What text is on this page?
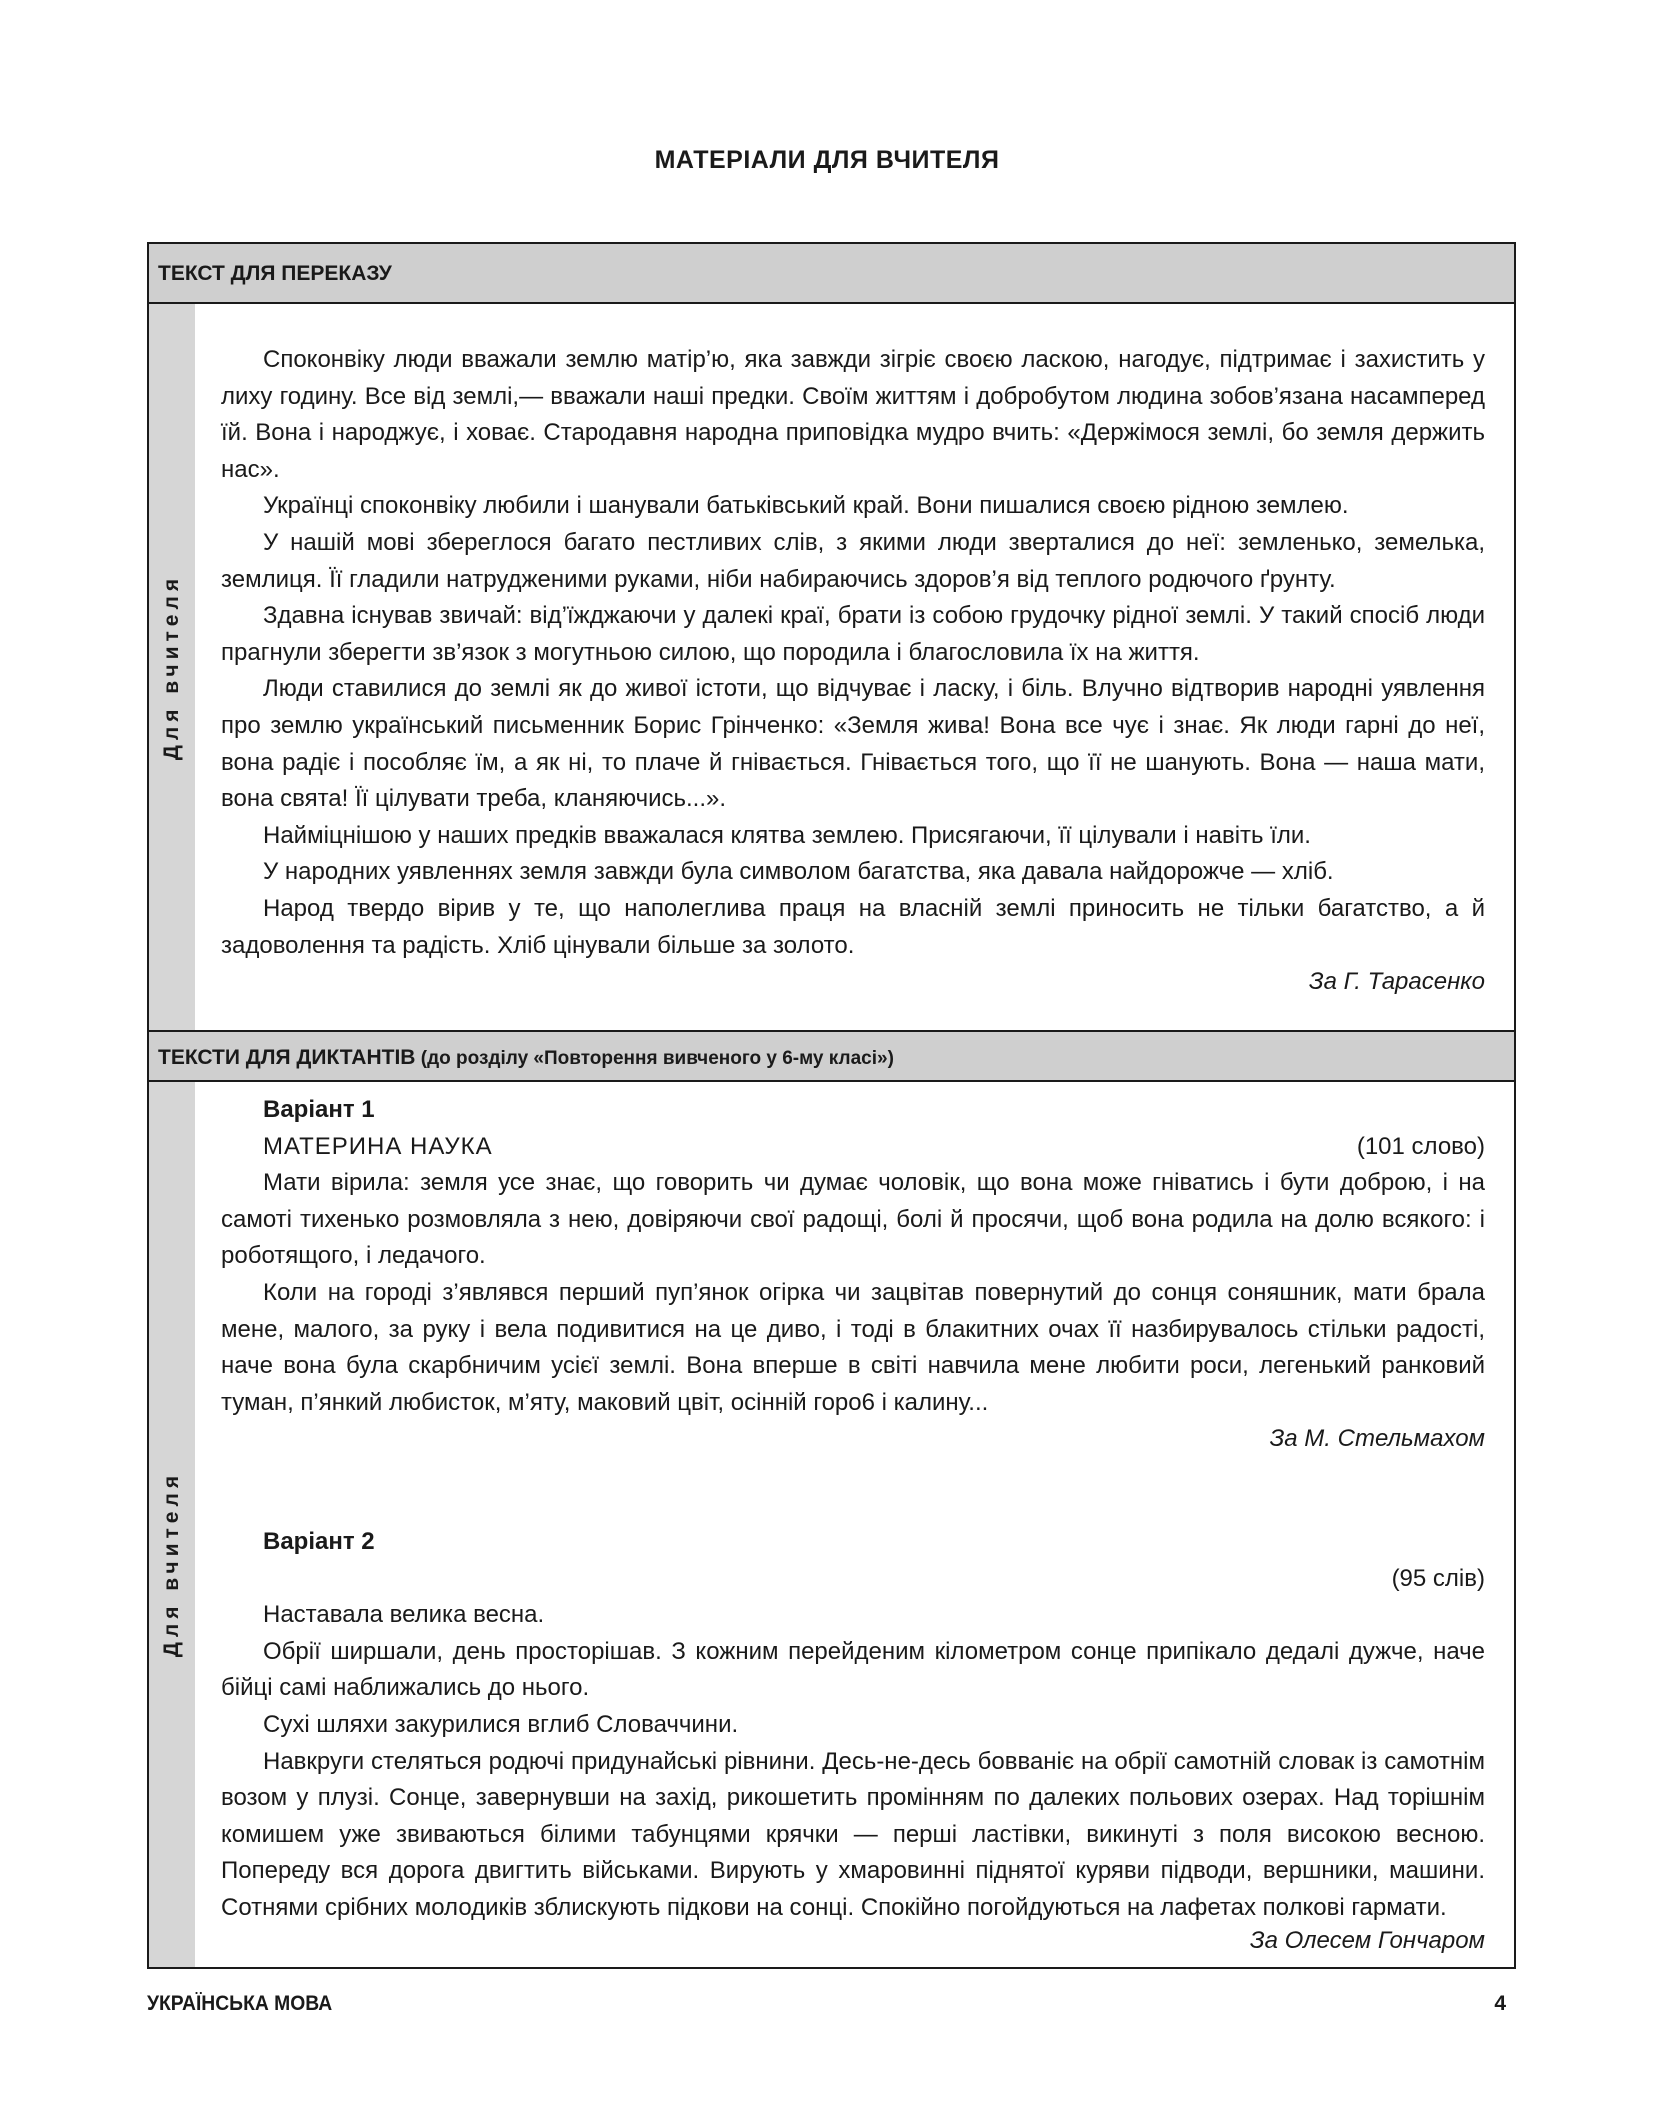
МАТЕРІАЛИ ДЛЯ ВЧИТЕЛЯ
ТЕКСТ ДЛЯ ПЕРЕКАЗУ
Для вчителя

Споконвіку люди вважали землю матір’ю, яка завжди зігріє своєю ласкою, нагодує, підтримає і захистить у лиху годину. Все від землі,— вважали наші предки. Своїм життям і добробутом людина зобов’язана насамперед їй. Вона і народжує, і ховає. Стародавня народна приповідка мудро вчить: «Держімося землі, бо земля держить нас».

Українці споконвіку любили і шанували батьківський край. Вони пишалися своєю рідною землею.

У нашій мові збереглося багато пестливих слів, з якими люди зверталися до неї: земленько, земелька, землиця. Її гладили натрудженими руками, ніби набираючись здоров’я від теплого родючого ґрунту.

Здавна існував звичай: від’їжджаючи у далекі краї, брати із собою грудочку рідної землі. У такий спосіб люди прагнули зберегти зв’язок з могутньою силою, що породила і благословила їх на життя.

Люди ставилися до землі як до живої істоти, що відчуває і ласку, і біль. Влучно відтворив народні уявлення про землю український письменник Борис Грінченко: «Земля жива! Вона все чує і знає. Як люди гарні до неї, вона радіє і пособляє їм, а як ні, то плаче й гнівається. Гнівається того, що її не шанують. Вона — наша мати, вона свята! Її цілувати треба, кланяючись...».

Наймiцнішою у наших предків вважалася клятва землею. Присягаючи, її цілували і навіть їли.

У народних уявленнях земля завжди була символом багатства, яка давала найдорожче — хліб.

Народ твердо вірив у те, що наполеглива праця на власній землі приносить не тільки багатство, а й задоволення та радість. Хліб цінували більше за золото.

За Г. Тарасенко
ТЕКСТИ ДЛЯ ДИКТАНТІВ (до розділу «Повторення вивченого у 6-му класі»)
Для вчителя
Варіант 1
МАТЕРИНА НАУКА	(101 слово)

Мати вірила: земля усе знає, що говорить чи думає чоловік, що вона може гніватись і бути доброю, і на самоті тихенько розмовляла з нею, довіряючи свої радощі, болі й просячи, щоб вона родила на долю всякого: і роботящого, і ледачого.

Коли на городі з’являвся перший пуп’янок огірка чи зацвітав повернутий до сонця соняшник, мати брала мене, малого, за руку і вела подивитися на це диво, і тоді в блакитних очах її назбирувалось стільки радості, наче вона була скарбничим усієї землі. Вона вперше в світі навчила мене любити роси, легенький ранковий туман, п’янкий любисток, м’яту, маковий цвіт, осінній горо6 і калину...

За М. Стельмахом
Варіант 2
(95 слів)

Наставала велика весна.

Обрії ширшали, день просторішав. З кожним перейденим кілометром сонце припікало дедалі дужче, наче бійці самі наближались до нього.

Сухі шляхи закурилися вглиб Словаччини.

Навкруги стеляться родючі придунайські рівнини. Десь-не-десь бовваніє на обрії самотній словак із самотнім возом у плузі. Сонце, завернувши на захід, рикошетить промінням по далеких польових озерах. Над торішнім комишем уже звиваються білими табунцями крячки — перші ластівки, викинуті з поля високою весною. Попереду вся дорога двигтить військами. Вирують у хмаровинні піднятої куряви підводи, вершники, машини. Сотнями срібних молодиків зблискують підкови на сонці. Спокійно погойдуються на лафетах полкові гармати.

За Олесем Гончаром
УКРАЇНСЬКА МОВА	4
